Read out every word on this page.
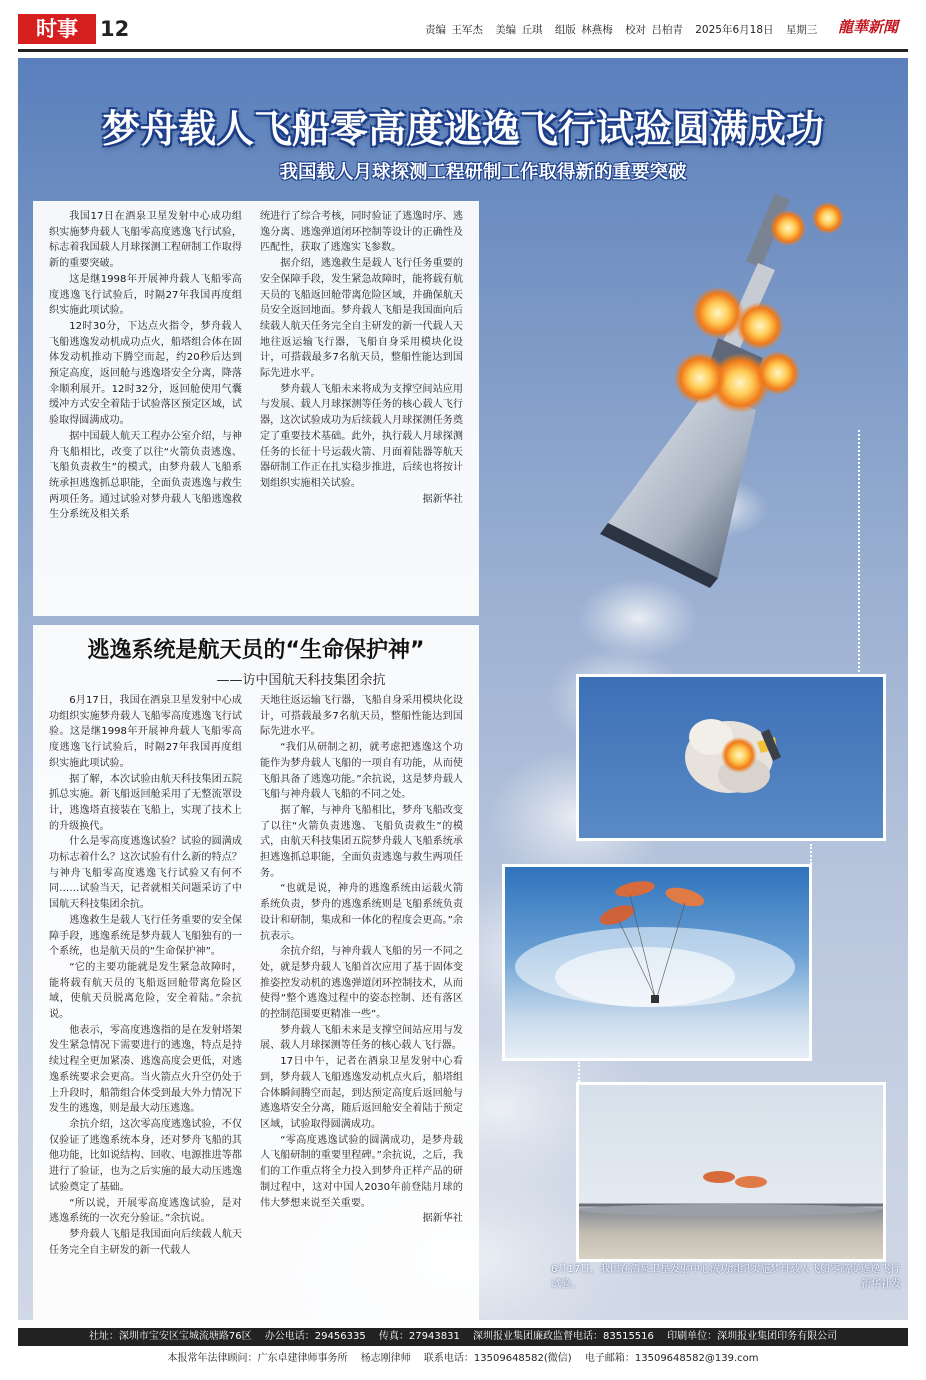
时事	12	责编 王军杰 美编 丘琪 组版 林燕梅 校对 吕柏青 2025年6月18日 星期三	龍華新聞
梦舟载人飞船零高度逃逸飞行试验圆满成功
我国载人月球探测工程研制工作取得新的重要突破

我国17日在酒泉卫星发射中心成功组织实施梦舟载人飞船零高度逃逸飞行试验，标志着我国载人月球探测工程研制工作取得新的重要突破。

这是继1998年开展神舟载人飞船零高度逃逸飞行试验后，时隔27年我国再度组织实施此项试验。

12时30分，下达点火指令，梦舟载人飞船逃逸发动机成功点火，船塔组合体在固体发动机推动下腾空而起，约20秒后达到预定高度，返回舱与逃逸塔安全分离，降落伞顺利展开。12时32分，返回舱使用气囊缓冲方式安全着陆于试验落区预定区域，试验取得圆满成功。

据中国载人航天工程办公室介绍，与神舟飞船相比，改变了以往“火箭负责逃逸、飞船负责救生”的模式，由梦舟载人飞船系统承担逃逸抓总职能，全面负责逃逸与救生两项任务。通过试验对梦舟载人飞船逃逸救生分系统及相关系

统进行了综合考核，同时验证了逃逸时序、逃逸分离、逃逸弹道闭环控制等设计的正确性及匹配性，获取了逃逸实飞参数。

据介绍，逃逸救生是载人飞行任务重要的安全保障手段，发生紧急故障时，能将载有航天员的飞船返回舱带离危险区域，并确保航天员安全返回地面。梦舟载人飞船是我国面向后续载人航天任务完全自主研发的新一代载人天地往返运输飞行器，飞船自身采用模块化设计，可搭载最多7名航天员，整船性能达到国际先进水平。

梦舟载人飞船未来将成为支撑空间站应用与发展、载人月球探测等任务的核心载人飞行器，这次试验成功为后续载人月球探测任务奠定了重要技术基础。此外，执行载人月球探测任务的长征十号运载火箭、月面着陆器等航天器研制工作正在扎实稳步推进，后续也将按计划组织实施相关试验。

据新华社

逃逸系统是航天员的“生命保护神”
——访中国航天科技集团余抗

6月17日，我国在酒泉卫星发射中心成功组织实施梦舟载人飞船零高度逃逸飞行试验。这是继1998年开展神舟载人飞船零高度逃逸飞行试验后，时隔27年我国再度组织实施此项试验。

据了解，本次试验由航天科技集团五院抓总实施。新飞船返回舱采用了无整流罩设计，逃逸塔直接装在飞船上，实现了技术上的升级换代。

什么是零高度逃逸试验？试验的圆满成功标志着什么？这次试验有什么新的特点？与神舟飞船零高度逃逸飞行试验又有何不同……试验当天，记者就相关问题采访了中国航天科技集团余抗。

逃逸救生是载人飞行任务重要的安全保障手段，逃逸系统是梦舟载人飞船独有的一个系统，也是航天员的“生命保护神”。

“它的主要功能就是发生紧急故障时，能将载有航天员的飞船返回舱带离危险区域，使航天员脱离危险，安全着陆。”余抗说。

他表示，零高度逃逸指的是在发射塔架发生紧急情况下需要进行的逃逸，特点是持续过程全更加紧凑、逃逸高度会更低，对逃逸系统要求会更高。当火箭点火升空仍处于上升段时，船箭组合体受到最大外力情况下发生的逃逸，则是最大动压逃逸。

余抗介绍，这次零高度逃逸试验，不仅仅验证了逃逸系统本身，还对梦舟飞船的其他功能，比如说结构、回收、电源推进等都进行了验证，也为之后实施的最大动压逃逸试验奠定了基础。

“所以说，开展零高度逃逸试验，是对逃逸系统的一次充分验证。”余抗说。

梦舟载人飞船是我国面向后续载人航天任务完全自主研发的新一代载人

天地往返运输飞行器，飞船自身采用模块化设计，可搭载最多7名航天员，整船性能达到国际先进水平。

“我们从研制之初，就考虑把逃逸这个功能作为梦舟载人飞船的一项自有功能，从而使飞船具备了逃逸功能。”余抗说，这是梦舟载人飞船与神舟载人飞船的不同之处。

据了解，与神舟飞船相比，梦舟飞船改变了以往“火箭负责逃逸、飞船负责救生”的模式，由航天科技集团五院梦舟载人飞船系统承担逃逸抓总职能，全面负责逃逸与救生两项任务。

“也就是说，神舟的逃逸系统由运载火箭系统负责，梦舟的逃逸系统则是飞船系统负责设计和研制，集成和一体化的程度会更高。”余抗表示。

余抗介绍，与神舟载人飞船的另一不同之处，就是梦舟载人飞船首次应用了基于固体变推姿控发动机的逃逸弹道闭环控制技术，从而使得“整个逃逸过程中的姿态控制、还有落区的控制范围要更精准一些”。

梦舟载人飞船未来是支撑空间站应用与发展、载人月球探测等任务的核心载人飞行器。

17日中午，记者在酒泉卫星发射中心看到，梦舟载人飞船逃逸发动机点火后，船塔组合体瞬间腾空而起，到达预定高度后返回舱与逃逸塔安全分离，随后返回舱安全着陆于预定区域，试验取得圆满成功。

“零高度逃逸试验的圆满成功，是梦舟载人飞船研制的重要里程碑。”余抗说，之后，我们的工作重点将全力投入到梦舟正样产品的研制过程中，这对中国人2030年前登陆月球的伟大梦想来说至关重要。

据新华社

6月17日，我国在酒泉卫星发射中心成功组织实施梦舟载人飞船零高度逃逸飞行试验。	新华社发
社址：深圳市宝安区宝城流塘路76区 办公电话：29456335 传真：27943831 深圳报业集团廉政监督电话：83515516 印刷单位：深圳报业集团印务有限公司
本报常年法律顾问：广东卓建律师事务所 杨志刚律师 联系电话：13509648582(微信) 电子邮箱：13509648582@139.com
